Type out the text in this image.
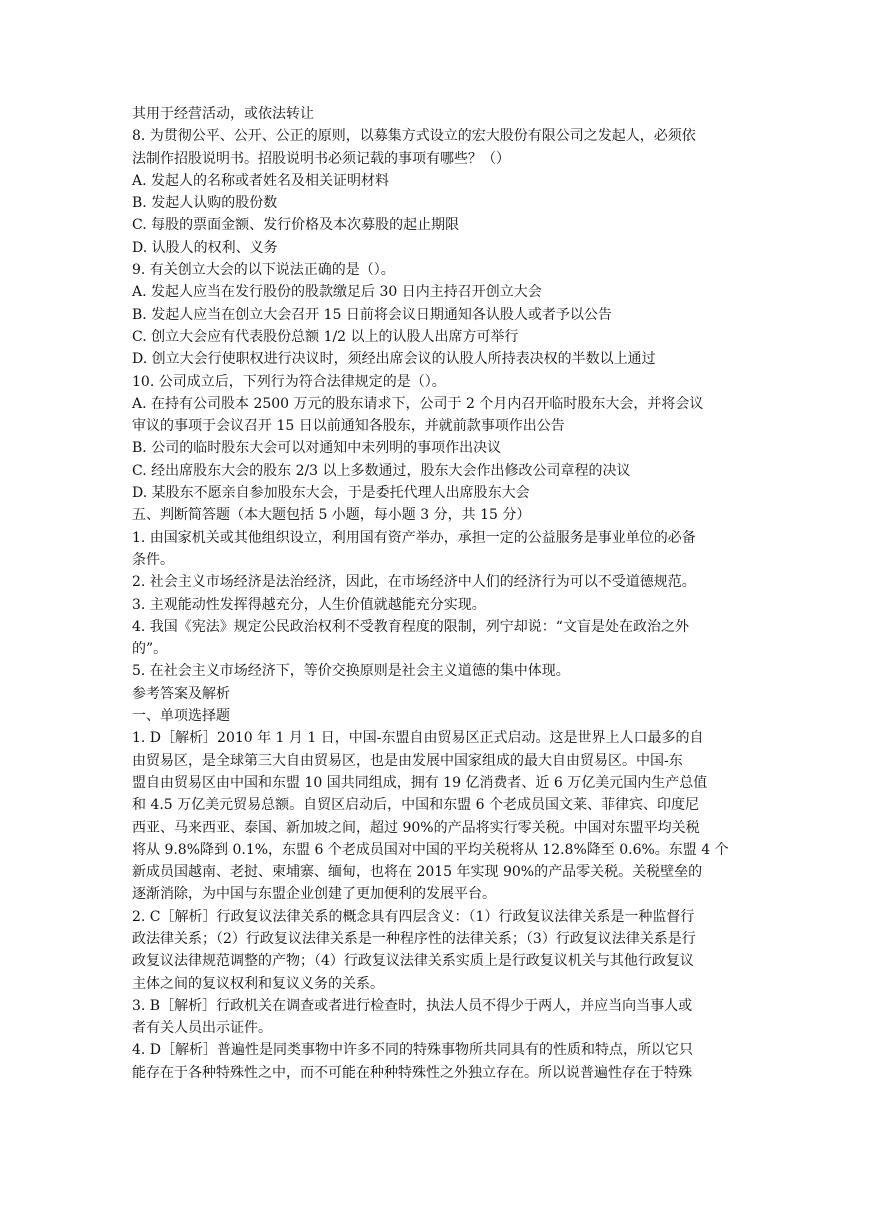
其用于经营活动，或依法转让

8. 为贯彻公平、公开、公正的原则，以募集方式设立的宏大股份有限公司之发起人，必须依

法制作招股说明书。招股说明书必须记载的事项有哪些？（）

A. 发起人的名称或者姓名及相关证明材料

B. 发起人认购的股份数

C. 每股的票面金额、发行价格及本次募股的起止期限

D. 认股人的权利、义务

9. 有关创立大会的以下说法正确的是（）。

A. 发起人应当在发行股份的股款缴足后 30 日内主持召开创立大会

B. 发起人应当在创立大会召开 15 日前将会议日期通知各认股人或者予以公告

C. 创立大会应有代表股份总额 1/2 以上的认股人出席方可举行

D. 创立大会行使职权进行决议时，须经出席会议的认股人所持表决权的半数以上通过

10. 公司成立后，下列行为符合法律规定的是（）。

A. 在持有公司股本 2500 万元的股东请求下，公司于 2 个月内召开临时股东大会，并将会议

审议的事项于会议召开 15 日以前通知各股东，并就前款事项作出公告

B. 公司的临时股东大会可以对通知中未列明的事项作出决议

C. 经出席股东大会的股东 2/3 以上多数通过，股东大会作出修改公司章程的决议

D. 某股东不愿亲自参加股东大会，于是委托代理人出席股东大会

五、判断简答题（本大题包括 5 小题，每小题 3 分，共 15 分）

1. 由国家机关或其他组织设立，利用国有资产举办，承担一定的公益服务是事业单位的必备

条件。

2. 社会主义市场经济是法治经济，因此，在市场经济中人们的经济行为可以不受道德规范。

3. 主观能动性发挥得越充分，人生价值就越能充分实现。

4. 我国《宪法》规定公民政治权利不受教育程度的限制，列宁却说：“文盲是处在政治之外

的”。

5. 在社会主义市场经济下，等价交换原则是社会主义道德的集中体现。

参考答案及解析

一、单项选择题

1. D［解析］2010 年 1 月 1 日，中国-东盟自由贸易区正式启动。这是世界上人口最多的自

由贸易区，是全球第三大自由贸易区，也是由发展中国家组成的最大自由贸易区。中国-东

盟自由贸易区由中国和东盟 10 国共同组成，拥有 19 亿消费者、近 6 万亿美元国内生产总值

和 4.5 万亿美元贸易总额。自贸区启动后，中国和东盟 6 个老成员国文莱、菲律宾、印度尼

西亚、马来西亚、泰国、新加坡之间，超过 90%的产品将实行零关税。中国对东盟平均关税

将从 9.8%降到 0.1%，东盟 6 个老成员国对中国的平均关税将从 12.8%降至 0.6%。东盟 4 个

新成员国越南、老挝、柬埔寨、缅甸，也将在 2015 年实现 90%的产品零关税。关税壁垒的

逐渐消除，为中国与东盟企业创建了更加便利的发展平台。

2. C［解析］行政复议法律关系的概念具有四层含义：（1）行政复议法律关系是一种监督行

政法律关系；（2）行政复议法律关系是一种程序性的法律关系；（3）行政复议法律关系是行

政复议法律规范调整的产物；（4）行政复议法律关系实质上是行政复议机关与其他行政复议

主体之间的复议权利和复议义务的关系。

3. B［解析］行政机关在调查或者进行检查时，执法人员不得少于两人，并应当向当事人或

者有关人员出示证件。

4. D［解析］普遍性是同类事物中许多不同的特殊事物所共同具有的性质和特点，所以它只

能存在于各种特殊性之中，而不可能在种种特殊性之外独立存在。所以说普遍性存在于特殊
